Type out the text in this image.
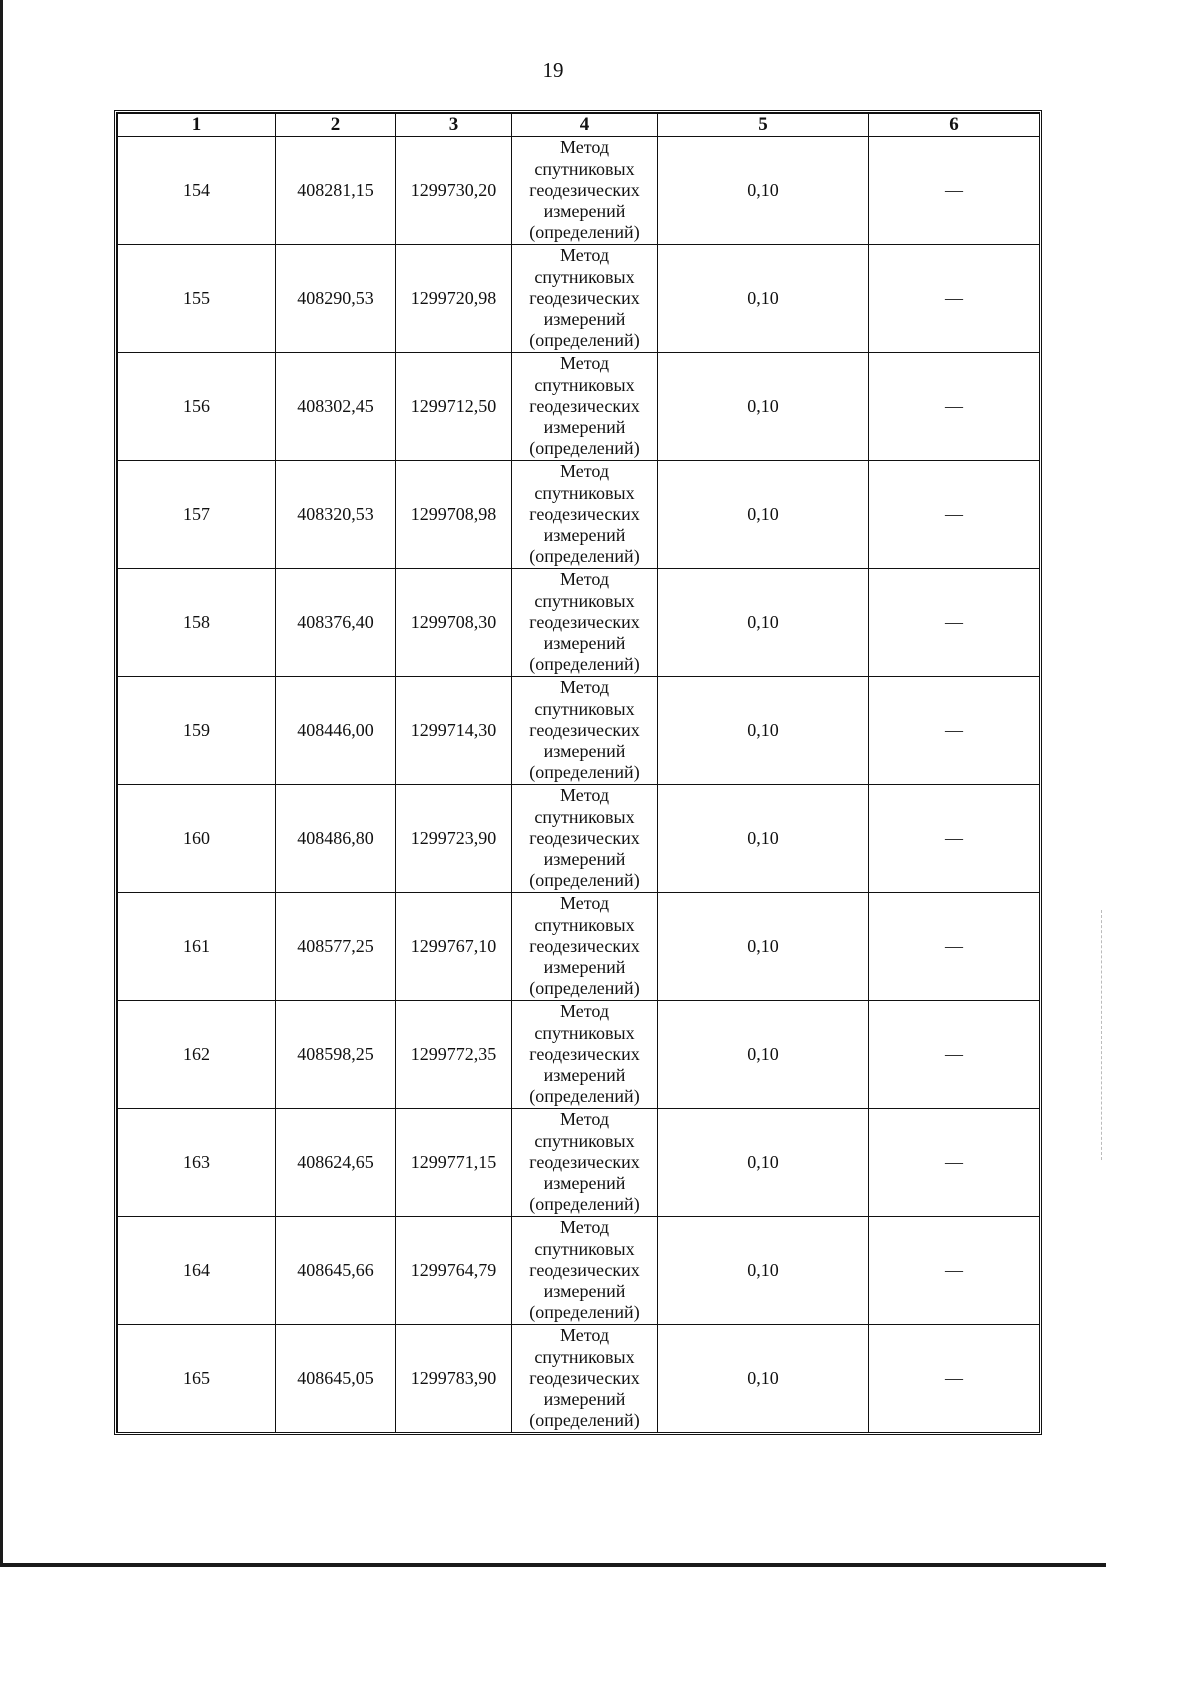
19
1	2	3	4	5	6
154	408281,15	1299730,20	Метод
спутниковых
геодезических
измерений
(определений)	0,10	—
155	408290,53	1299720,98	Метод
спутниковых
геодезических
измерений
(определений)	0,10	—
156	408302,45	1299712,50	Метод
спутниковых
геодезических
измерений
(определений)	0,10	—
157	408320,53	1299708,98	Метод
спутниковых
геодезических
измерений
(определений)	0,10	—
158	408376,40	1299708,30	Метод
спутниковых
геодезических
измерений
(определений)	0,10	—
159	408446,00	1299714,30	Метод
спутниковых
геодезических
измерений
(определений)	0,10	—
160	408486,80	1299723,90	Метод
спутниковых
геодезических
измерений
(определений)	0,10	—
161	408577,25	1299767,10	Метод
спутниковых
геодезических
измерений
(определений)	0,10	—
162	408598,25	1299772,35	Метод
спутниковых
геодезических
измерений
(определений)	0,10	—
163	408624,65	1299771,15	Метод
спутниковых
геодезических
измерений
(определений)	0,10	—
164	408645,66	1299764,79	Метод
спутниковых
геодезических
измерений
(определений)	0,10	—
165	408645,05	1299783,90	Метод
спутниковых
геодезических
измерений
(определений)	0,10	—
